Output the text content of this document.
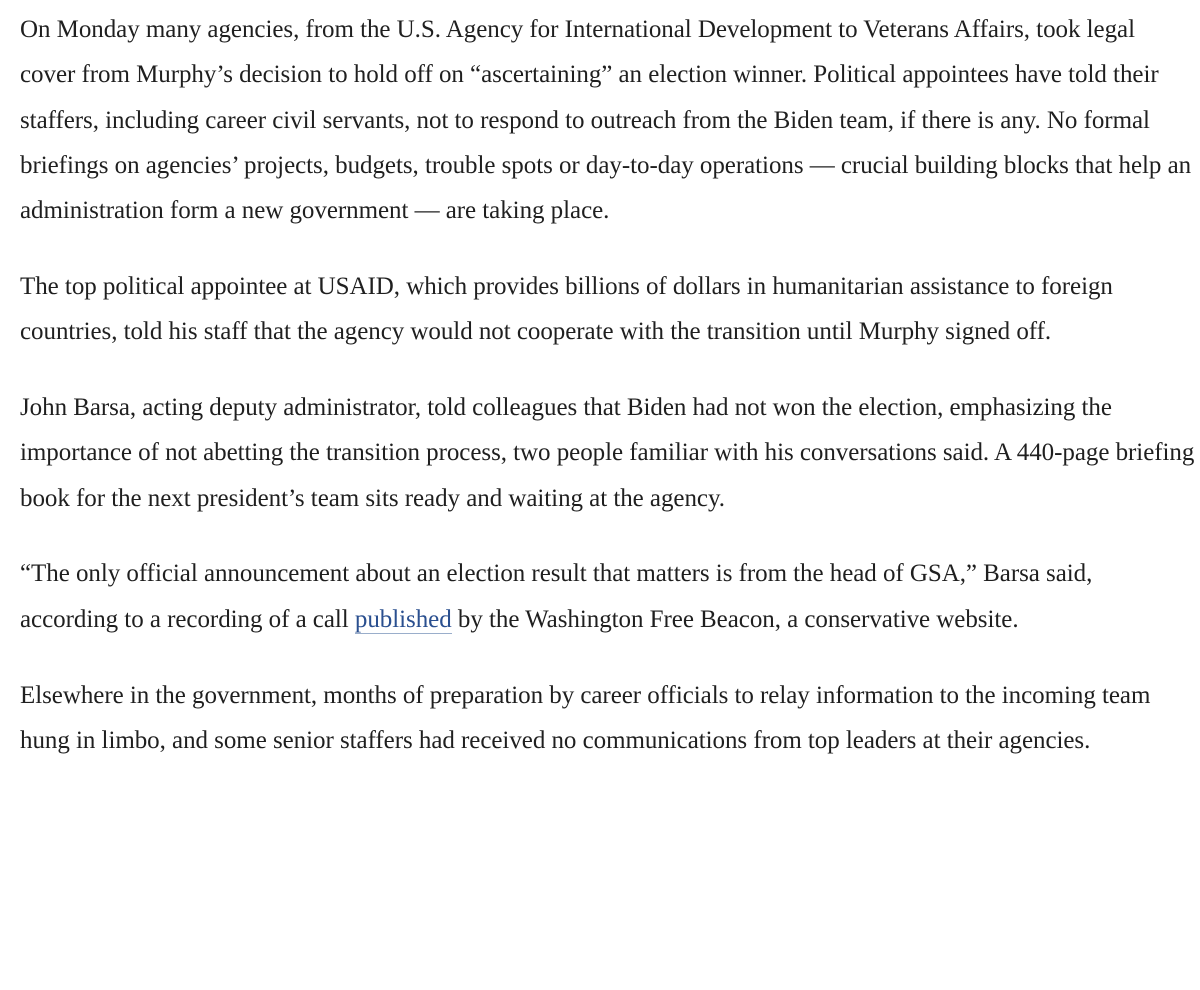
On Monday many agencies, from the U.S. Agency for International Development to Veterans Affairs, took legal cover from Murphy’s decision to hold off on “ascertaining” an election winner. Political appointees have told their staffers, including career civil servants, not to respond to outreach from the Biden team, if there is any. No formal briefings on agencies’ projects, budgets, trouble spots or day-to-day operations — crucial building blocks that help an administration form a new government — are taking place.

The top political appointee at USAID, which provides billions of dollars in humanitarian assistance to foreign countries, told his staff that the agency would not cooperate with the transition until Murphy signed off.

John Barsa, acting deputy administrator, told colleagues that Biden had not won the election, emphasizing the importance of not abetting the transition process, two people familiar with his conversations said. A 440-page briefing book for the next president’s team sits ready and waiting at the agency.

“The only official announcement about an election result that matters is from the head of GSA,” Barsa said, according to a recording of a call published by the Washington Free Beacon, a conservative website.

Elsewhere in the government, months of preparation by career officials to relay information to the incoming team hung in limbo, and some senior staffers had received no communications from top leaders at their agencies.
